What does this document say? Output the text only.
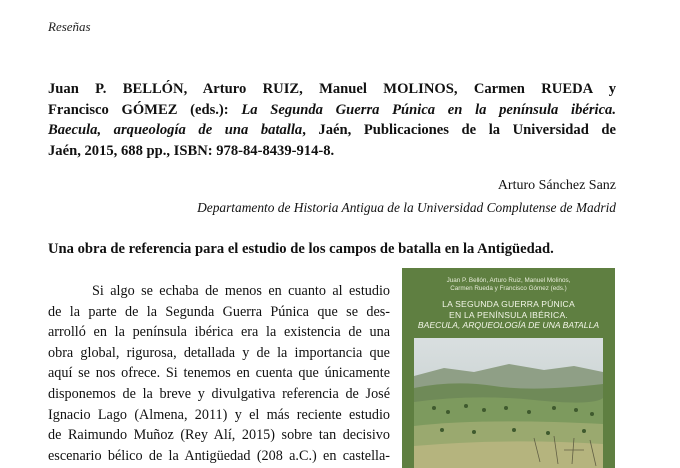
Reseñas
Juan P. BELLÓN, Arturo RUIZ, Manuel MOLINOS, Carmen RUEDA y
Francisco GÓMEZ (eds.): La Segunda Guerra Púnica en la península ibérica.
Baecula, arqueología de una batalla, Jaén, Publicaciones de la Universidad de
Jaén, 2015, 688 pp., ISBN: 978-84-8439-914-8.
Arturo Sánchez Sanz
Departamento de Historia Antigua de la Universidad Complutense de Madrid
Una obra de referencia para el estudio de los campos de batalla en la Antigüedad.
Si algo se echaba de menos en cuanto al estudio
de la parte de la Segunda Guerra Púnica que se des-
arrolló en la península ibérica era la existencia de una
obra global, rigurosa, detallada y de la importancia que
aquí se nos ofrece. Si tenemos en cuenta que únicamente
disponemos de la breve y divulgativa referencia de José
Ignacio Lago (Almena, 2011) y el más reciente estudio
de Raimundo Muñoz (Rey Alí, 2015) sobre tan decisivo
escenario bélico de la Antigüedad (208 a.C.) en castella-
Juan P. Bellón, Arturo Ruiz, Manuel Molinos,
Carmen Rueda y Francisco Gómez (eds.)
LA SEGUNDA GUERRA PÚNICA
EN LA PENÍNSULA IBÉRICA.
BAECULA, ARQUEOLOGÍA DE UNA BATALLA
